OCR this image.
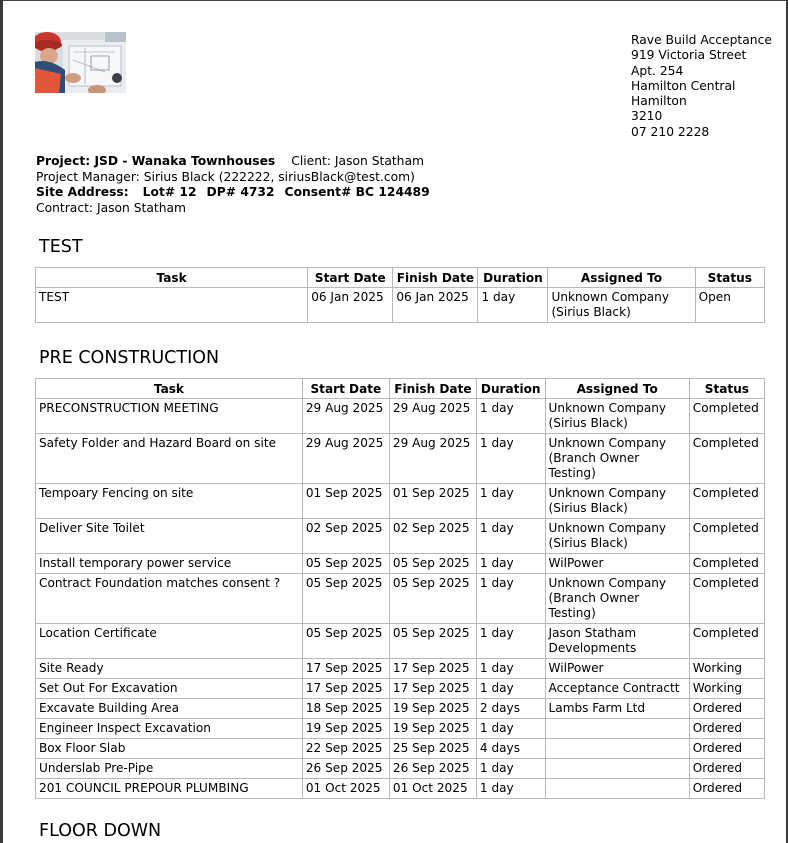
Rave Build Acceptance
919 Victoria Street
Apt. 254
Hamilton Central
Hamilton
3210
07 210 2228
Project: JSD - Wanaka Townhouses Client: Jason Statham
Project Manager: Sirius Black (222222, siriusBlack@test.com)
Site Address: Lot# 12 DP# 4732 Consent# BC 124489
Contract: Jason Statham
TEST
Task	Start Date	Finish Date	Duration	Assigned To	Status
TEST	06 Jan 2025	06 Jan 2025	1 day	Unknown Company (Sirius Black)	Open
PRE CONSTRUCTION
Task	Start Date	Finish Date	Duration	Assigned To	Status
PRECONSTRUCTION MEETING	29 Aug 2025	29 Aug 2025	1 day	Unknown Company (Sirius Black)	Completed
Safety Folder and Hazard Board on site	29 Aug 2025	29 Aug 2025	1 day	Unknown Company (Branch Owner Testing)	Completed
Tempoary Fencing on site	01 Sep 2025	01 Sep 2025	1 day	Unknown Company (Sirius Black)	Completed
Deliver Site Toilet	02 Sep 2025	02 Sep 2025	1 day	Unknown Company (Sirius Black)	Completed
Install temporary power service	05 Sep 2025	05 Sep 2025	1 day	WilPower	Completed
Contract Foundation matches consent ?	05 Sep 2025	05 Sep 2025	1 day	Unknown Company (Branch Owner Testing)	Completed
Location Certificate	05 Sep 2025	05 Sep 2025	1 day	Jason Statham Developments	Completed
Site Ready	17 Sep 2025	17 Sep 2025	1 day	WilPower	Working
Set Out For Excavation	17 Sep 2025	17 Sep 2025	1 day	Acceptance Contractt	Working
Excavate Building Area	18 Sep 2025	19 Sep 2025	2 days	Lambs Farm Ltd	Ordered
Engineer Inspect Excavation	19 Sep 2025	19 Sep 2025	1 day		Ordered
Box Floor Slab	22 Sep 2025	25 Sep 2025	4 days		Ordered
Underslab Pre-Pipe	26 Sep 2025	26 Sep 2025	1 day		Ordered
201 COUNCIL PREPOUR PLUMBING	01 Oct 2025	01 Oct 2025	1 day		Ordered
FLOOR DOWN
